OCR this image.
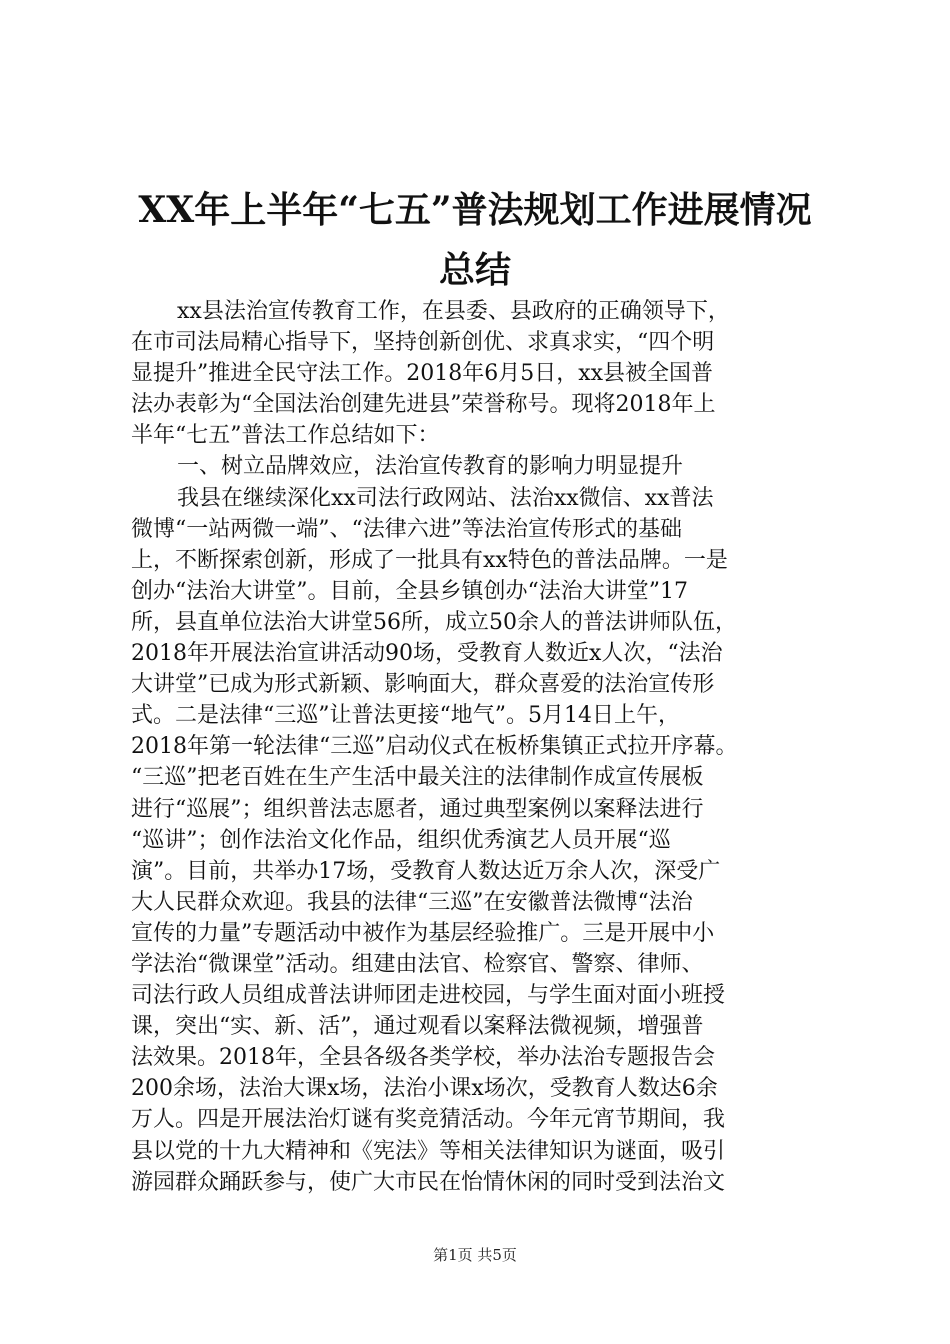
XX年上半年“七五”普法规划工作进展情况
总结
xx县法治宣传教育工作，在县委、县政府的正确领导下，
在市司法局精心指导下，坚持创新创优、求真求实，“四个明
显提升”推进全民守法工作。2018年6月5日，xx县被全国普
法办表彰为“全国法治创建先进县”荣誉称号。现将2018年上
半年“七五”普法工作总结如下：
一、树立品牌效应，法治宣传教育的影响力明显提升
我县在继续深化xx司法行政网站、法治xx微信、xx普法
微博“一站两微一端”、“法律六进”等法治宣传形式的基础
上，不断探索创新，形成了一批具有xx特色的普法品牌。一是
创办“法治大讲堂”。目前，全县乡镇创办“法治大讲堂”17
所，县直单位法治大讲堂56所，成立50余人的普法讲师队伍，
2018年开展法治宣讲活动90场，受教育人数近x人次，“法治
大讲堂”已成为形式新颖、影响面大，群众喜爱的法治宣传形
式。二是法律“三巡”让普法更接“地气”。5月14日上午，
2018年第一轮法律“三巡”启动仪式在板桥集镇正式拉开序幕。
“三巡”把老百姓在生产生活中最关注的法律制作成宣传展板
进行“巡展”；组织普法志愿者，通过典型案例以案释法进行
“巡讲”；创作法治文化作品，组织优秀演艺人员开展“巡
演”。目前，共举办17场，受教育人数达近万余人次，深受广
大人民群众欢迎。我县的法律“三巡”在安徽普法微博“法治
宣传的力量”专题活动中被作为基层经验推广。三是开展中小
学法治“微课堂”活动。组建由法官、检察官、警察、律师、
司法行政人员组成普法讲师团走进校园，与学生面对面小班授
课，突出“实、新、活”，通过观看以案释法微视频，增强普
法效果。2018年，全县各级各类学校，举办法治专题报告会
200余场，法治大课x场，法治小课x场次，受教育人数达6余
万人。四是开展法治灯谜有奖竞猜活动。今年元宵节期间，我
县以党的十九大精神和《宪法》等相关法律知识为谜面，吸引
游园群众踊跃参与，使广大市民在怡情休闲的同时受到法治文
第1页 共5页
